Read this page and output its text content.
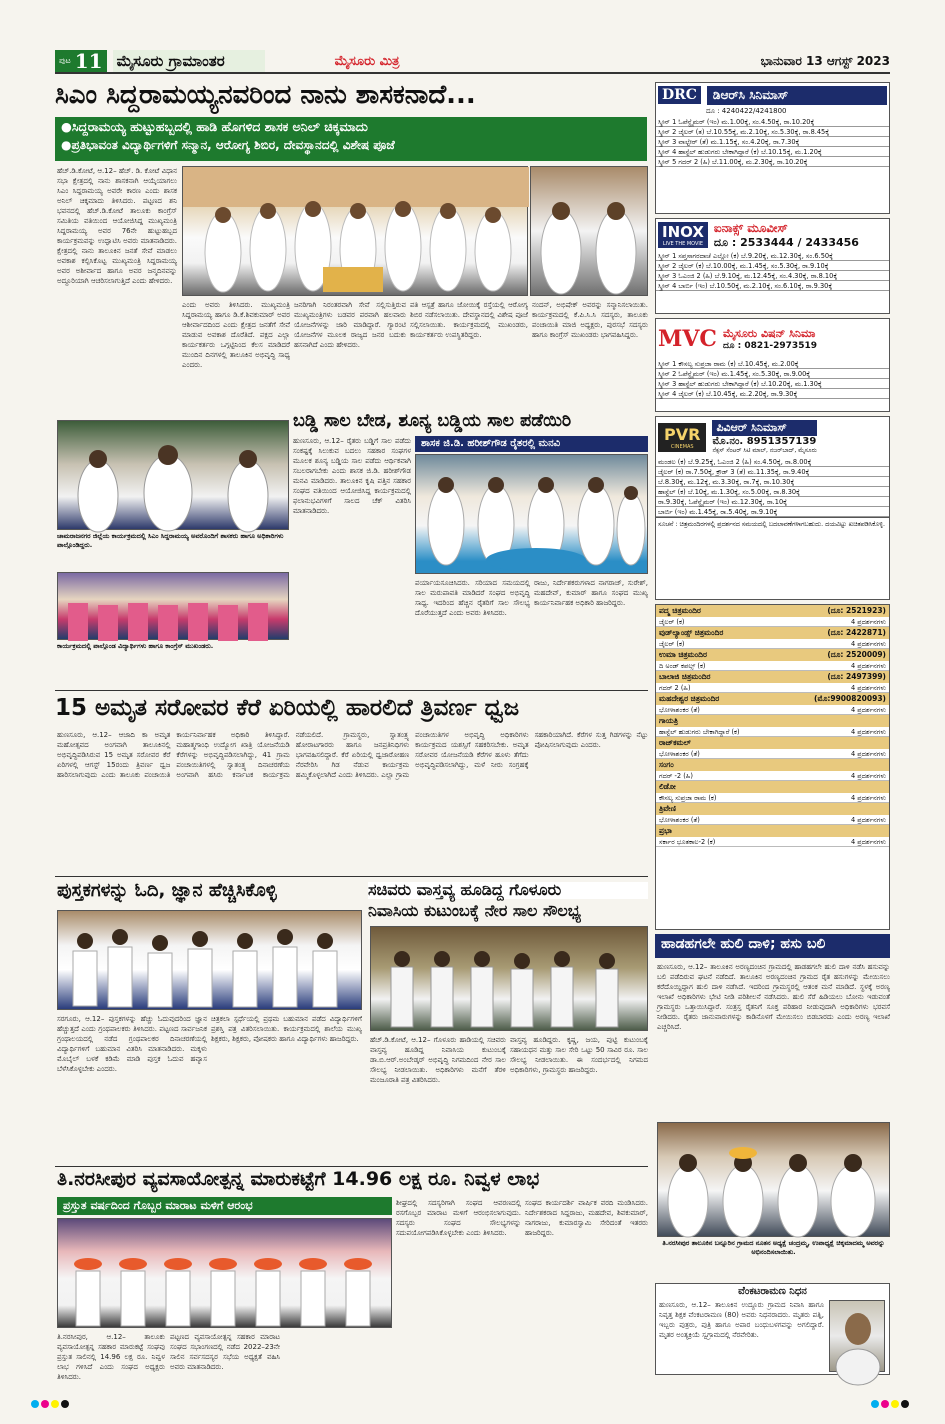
ಪುಟ 11 ಮೈಸೂರು ಗ್ರಾಮಾಂತರ	ಮೈಸೂರು ಮಿತ್ರ	ಭಾನುವಾರ 13 ಆಗಸ್ಟ್ 2023
ಸಿಎಂ ಸಿದ್ದರಾಮಯ್ಯನವರಿಂದ ನಾನು ಶಾಸಕನಾದೆ...
●ಸಿದ್ದರಾಮಯ್ಯ ಹುಟ್ಟುಹಬ್ಬದಲ್ಲಿ ಹಾಡಿ ಹೊಗಳಿದ ಶಾಸಕ ಅನಿಲ್ ಚಿಕ್ಕಮಾದು
●ಪ್ರತಿಭಾವಂತ ವಿದ್ಯಾರ್ಥಿಗಳಿಗೆ ಸನ್ಮಾನ, ಆರೋಗ್ಯ ಶಿಬಿರ, ದೇವಸ್ಥಾನದಲ್ಲಿ ವಿಶೇಷ ಪೂಜೆ
ಹೆಚ್.ಡಿ.ಕೋಟೆ, ಆ.12– ಹೆಚ್. ಡಿ. ಕೋಟೆ ವಿಧಾನ ಸಭಾ ಕ್ಷೇತ್ರದಲ್ಲಿ ನಾನು ಶಾಸಕನಾಗಿ ಆಯ್ಕೆಯಾಗಲು ಸಿಎಂ ಸಿದ್ದರಾಮಯ್ಯ ಅವರೇ ಕಾರಣ ಎಂದು ಶಾಸಕ ಅನಿಲ್ ಚಿಕ್ಕಮಾದು ತಿಳಿಸಿದರು. ಪಟ್ಟಣದ ಶನಿ ಭವನದಲ್ಲಿ ಹೆಚ್.ಡಿ.ಕೋಟೆ ತಾಲೂಕು ಕಾಂಗ್ರೆಸ್ ಸಮಿತಿಯ ವತಿಯಿಂದ ಆಯೋಜಿಸಿದ್ದ ಮುಖ್ಯಮಂತ್ರಿ ಸಿದ್ದರಾಮಯ್ಯ ಅವರ 76ನೇ ಹುಟ್ಟುಹಬ್ಬದ ಕಾರ್ಯಕ್ರಮವನ್ನು ಉದ್ಘಾಟಿಸಿ ಅವರು ಮಾತನಾಡಿದರು. ಕ್ಷೇತ್ರದಲ್ಲಿ ನಾನು ತಾಲೂಕಿನ ಜನತೆ ಸೇವೆ ಮಾಡಲು ಅವಕಾಶ ಕಲ್ಪಿಸಿಕೊಟ್ಟ ಮುಖ್ಯಮಂತ್ರಿ ಸಿದ್ದರಾಮಯ್ಯ ಅವರ ಅಶೀರ್ವಾದ ಹಾಗೂ ಅವರ ಜನ್ಮದಿನವನ್ನು ಅದ್ದೂರಿಯಾಗಿ ಆಚರಿಸಲಾಗುತ್ತಿದೆ ಎಂದು ಹೇಳಿದರು.
ಎಂದು ಅವರು ತಿಳಿಸಿದರು. ಮುಖ್ಯಮಂತ್ರಿ ಸಿದ್ದರಾಮಯ್ಯ ಹಾಗೂ ಡಿ.ಕೆ.ಶಿವಕುಮಾರ್ ಅವರ ಆಶೀರ್ವಾದದಿಂದ ಎಂದು ಕ್ಷೇತ್ರದ ಜನತೆಗೆ ಸೇವೆ ಮಾಡುವ ಅವಕಾಶ ದೊರೆತಿದೆ. ಪಕ್ಷದ ಎಲ್ಲಾ ಕಾರ್ಯಕರ್ತರು ಒಗ್ಗಟ್ಟಿನಿಂದ ಕೆಲಸ ಮಾಡಿದರೆ ಮುಂದಿನ ದಿನಗಳಲ್ಲಿ ತಾಲೂಕಿನ ಅಭಿವೃದ್ಧಿ ಸಾಧ್ಯ ಎಂದರು.
ಜನರಿಗಾಗಿ ನಿರಂತರವಾಗಿ ಸೇವೆ ಸಲ್ಲಿಸುತ್ತಿರುವ ಮುಖ್ಯಮಂತ್ರಿಗಳು ಬಡವರ ಪರವಾಗಿ ಹಲವಾರು ಯೋಜನೆಗಳನ್ನು ಜಾರಿ ಮಾಡಿದ್ದಾರೆ. ಗ್ಯಾರಂಟಿ ಯೋಜನೆಗಳ ಮೂಲಕ ರಾಜ್ಯದ ಜನರ ಬದುಕು ಹಸನಾಗಿದೆ ಎಂದು ಹೇಳಿದರು.
ಪತಿ ಆಸ್ಪತ್ರೆ ಹಾಗೂ ಜೋಯಿಕ್ಕೆ ರಸ್ತೆಯಲ್ಲಿ ಆರೋಗ್ಯ ಶಿಬಿರ ನಡೆಸಲಾಯಿತು. ದೇವಸ್ಥಾನದಲ್ಲಿ ವಿಶೇಷ ಪೂಜೆ ಸಲ್ಲಿಸಲಾಯಿತು. ಕಾರ್ಯಕ್ರಮದಲ್ಲಿ ಮುಖಂಡರು, ಕಾರ್ಯಕರ್ತರು ಉಪಸ್ಥಿತರಿದ್ದರು.
ನಂದನ್, ಅಭಿಷೇಕ್ ಅವರನ್ನು ಸನ್ಮಾನಿಸಲಾಯಿತು. ಕಾರ್ಯಕ್ರಮದಲ್ಲಿ ಕೆ.ಪಿ.ಸಿ.ಸಿ ಸದಸ್ಯರು, ತಾಲೂಕು ಪಂಚಾಯಿತಿ ಮಾಜಿ ಅಧ್ಯಕ್ಷರು, ಪುರಸಭೆ ಸದಸ್ಯರು ಹಾಗೂ ಕಾಂಗ್ರೆಸ್ ಮುಖಂಡರು ಭಾಗವಹಿಸಿದ್ದರು.
ಚಾಮರಾಜನಗರ ಜಿಲ್ಲೆಯ ಕಾರ್ಯಕ್ರಮದಲ್ಲಿ ಸಿಎಂ ಸಿದ್ದರಾಮಯ್ಯ ಅವರೊಂದಿಗೆ ಶಾಸಕರು ಹಾಗೂ ಅಧಿಕಾರಿಗಳು ಪಾಲ್ಗೊಂಡಿದ್ದರು.
ಕಾರ್ಯಕ್ರಮದಲ್ಲಿ ಪಾಲ್ಗೊಂಡ ವಿದ್ಯಾರ್ಥಿಗಳು ಹಾಗೂ ಕಾಂಗ್ರೆಸ್ ಮುಖಂಡರು.
ಬಡ್ಡಿ ಸಾಲ ಬೇಡ, ಶೂನ್ಯ ಬಡ್ಡಿಯ ಸಾಲ ಪಡೆಯಿರಿ
ಹುಣಸೂರು, ಆ.12– ರೈತರು ಬಡ್ಡಿಗೆ ಸಾಲ ಪಡೆದು ಸಂಕಷ್ಟಕ್ಕೆ ಸಿಲುಕುವ ಬದಲು ಸಹಕಾರ ಸಂಘಗಳ ಮೂಲಕ ಶೂನ್ಯ ಬಡ್ಡಿಯ ಸಾಲ ಪಡೆದು ಆರ್ಥಿಕವಾಗಿ ಸಬಲರಾಗಬೇಕು ಎಂದು ಶಾಸಕ ಜಿ.ಡಿ. ಹರೀಶ್‌ಗೌಡ ಮನವಿ ಮಾಡಿದರು. ತಾಲೂಕಿನ ಕೃಷಿ ಪತ್ತಿನ ಸಹಕಾರ ಸಂಘದ ವತಿಯಿಂದ ಆಯೋಜಿಸಿದ್ದ ಕಾರ್ಯಕ್ರಮದಲ್ಲಿ ಫಲಾನುಭವಿಗಳಿಗೆ ಸಾಲದ ಚೆಕ್ ವಿತರಿಸಿ ಮಾತನಾಡಿದರು.
ಶಾಸಕ ಜಿ.ಡಿ. ಹರೀಶ್‌ಗೌಡ ರೈತರಲ್ಲಿ ಮನವಿ
ಪರ್ಯಾಯಸೂಚಿಸಿದರು. ಸರಿಯಾದ ಸಮಯದಲ್ಲಿ ಸಾಲ ಮರುಪಾವತಿ ಮಾಡಿದರೆ ಸಂಘದ ಅಭಿವೃದ್ಧಿ ಸಾಧ್ಯ. ಇದರಿಂದ ಹೆಚ್ಚಿನ ರೈತರಿಗೆ ಸಾಲ ಸೌಲಭ್ಯ ದೊರೆಯುತ್ತದೆ ಎಂದು ಅವರು ತಿಳಿಸಿದರು.
ರಾಜು, ನಿರ್ದೇಶಕರುಗಳಾದ ನಾಗರಾಜ್, ಸುರೇಶ್, ಮಹದೇವ್, ಕುಮಾರ್ ಹಾಗೂ ಸಂಘದ ಮುಖ್ಯ ಕಾರ್ಯನಿರ್ವಾಹಕ ಅಧಿಕಾರಿ ಹಾಜರಿದ್ದರು.
15 ಅಮೃತ ಸರೋವರ ಕೆರೆ ಏರಿಯಲ್ಲಿ ಹಾರಲಿದೆ ತ್ರಿವರ್ಣ ಧ್ವಜ
ಹುಣಸೂರು, ಆ.12– ಆಜಾದಿ ಕಾ ಅಮೃತ ಮಹೋತ್ಸವದ ಅಂಗವಾಗಿ ತಾಲೂಕಿನಲ್ಲಿ ಅಭಿವೃದ್ಧಿಪಡಿಸಿರುವ 15 ಅಮೃತ ಸರೋವರ ಕೆರೆ ಏರಿಗಳಲ್ಲಿ ಆಗಸ್ಟ್ 15ರಂದು ತ್ರಿವರ್ಣ ಧ್ವಜ ಹಾರಿಸಲಾಗುವುದು ಎಂದು ತಾಲೂಕು ಪಂಚಾಯಿತಿ ಕಾರ್ಯನಿರ್ವಾಹಕ ಅಧಿಕಾರಿ ತಿಳಿಸಿದ್ದಾರೆ. ಮಹಾತ್ಮಗಾಂಧಿ ಉದ್ಯೋಗ ಖಾತ್ರಿ ಯೋಜನೆಯಡಿ ಕೆರೆಗಳನ್ನು ಅಭಿವೃದ್ಧಿಪಡಿಸಲಾಗಿದ್ದು, 41 ಗ್ರಾಮ ಪಂಚಾಯಿತಿಗಳಲ್ಲಿ ಸ್ವಾತಂತ್ರ್ಯ ದಿನಾಚರಣೆಯ ಅಂಗವಾಗಿ ಹಸಿರು ಕರ್ನಾಟಕ ಕಾರ್ಯಕ್ರಮ ನಡೆಯಲಿದೆ. ಗ್ರಾಮಸ್ಥರು, ಸ್ವಾತಂತ್ರ್ಯ ಹೋರಾಟಗಾರರು ಹಾಗೂ ಜನಪ್ರತಿನಿಧಿಗಳು ಭಾಗವಹಿಸಲಿದ್ದಾರೆ. ಕೆರೆ ಏರಿಯಲ್ಲಿ ಧ್ವಜಾರೋಹಣ ನೆರವೇರಿಸಿ ಗಿಡ ನೆಡುವ ಕಾರ್ಯಕ್ರಮ ಹಮ್ಮಿಕೊಳ್ಳಲಾಗಿದೆ ಎಂದು ತಿಳಿಸಿದರು. ಎಲ್ಲಾ ಗ್ರಾಮ ಪಂಚಾಯಿತಿಗಳ ಅಭಿವೃದ್ಧಿ ಅಧಿಕಾರಿಗಳು ಕಾರ್ಯಕ್ರಮದ ಯಶಸ್ಸಿಗೆ ಸಹಕರಿಸಬೇಕು. ಅಮೃತ ಸರೋವರ ಯೋಜನೆಯಡಿ ಕೆರೆಗಳ ಹೂಳು ತೆಗೆದು ಅಭಿವೃದ್ಧಿಪಡಿಸಲಾಗಿದ್ದು, ಮಳೆ ನೀರು ಸಂಗ್ರಹಕ್ಕೆ ಸಹಕಾರಿಯಾಗಿದೆ. ಕೆರೆಗಳ ಸುತ್ತ ಗಿಡಗಳನ್ನು ನೆಟ್ಟು ಪೋಷಿಸಲಾಗುವುದು ಎಂದರು.
ಪುಸ್ತಕಗಳನ್ನು ಓದಿ, ಜ್ಞಾನ ಹೆಚ್ಚಿಸಿಕೊಳ್ಳಿ
ಸರಗೂರು, ಆ.12– ಪುಸ್ತಕಗಳನ್ನು ಹೆಚ್ಚು ಓದುವುದರಿಂದ ಜ್ಞಾನ ಹೆಚ್ಚುತ್ತದೆ ಎಂದು ಗ್ರಂಥಪಾಲಕರು ತಿಳಿಸಿದರು. ಪಟ್ಟಣದ ಸಾರ್ವಜನಿಕ ಗ್ರಂಥಾಲಯದಲ್ಲಿ ನಡೆದ ಗ್ರಂಥಪಾಲಕರ ದಿನಾಚರಣೆಯಲ್ಲಿ ವಿದ್ಯಾರ್ಥಿಗಳಿಗೆ ಬಹುಮಾನ ವಿತರಿಸಿ ಮಾತನಾಡಿದರು. ಮಕ್ಕಳು ಮೊಬೈಲ್ ಬಳಕೆ ಕಡಿಮೆ ಮಾಡಿ ಪುಸ್ತಕ ಓದುವ ಹವ್ಯಾಸ ಬೆಳೆಸಿಕೊಳ್ಳಬೇಕು ಎಂದರು.
ಚಿತ್ರಕಲಾ ಸ್ಪರ್ಧೆಯಲ್ಲಿ ಪ್ರಥಮ ಬಹುಮಾನ ಪಡೆದ ವಿದ್ಯಾರ್ಥಿಗಳಿಗೆ ಪ್ರಶಸ್ತಿ ಪತ್ರ ವಿತರಿಸಲಾಯಿತು. ಕಾರ್ಯಕ್ರಮದಲ್ಲಿ ಶಾಲೆಯ ಮುಖ್ಯ ಶಿಕ್ಷಕರು, ಶಿಕ್ಷಕರು, ಪೋಷಕರು ಹಾಗೂ ವಿದ್ಯಾರ್ಥಿಗಳು ಹಾಜರಿದ್ದರು.
ಸಚಿವರು ವಾಸ್ತವ್ಯ ಹೂಡಿದ್ದ ಗೊಳೂರು
ನಿವಾಸಿಯ ಕುಟುಂಬಕ್ಕೆ ನೇರ ಸಾಲ ಸೌಲಭ್ಯ
ಹೆಚ್.ಡಿ.ಕೋಟೆ, ಆ.12– ಗೊಳೂರು ಹಾಡಿಯಲ್ಲಿ ಸಚಿವರು ವಾಸ್ತವ್ಯ ಹೂಡಿದ್ದ ನಿವಾಸಿಯ ಕುಟುಂಬಕ್ಕೆ ಡಾ.ಬಿ.ಆರ್.ಅಂಬೇಡ್ಕರ್ ಅಭಿವೃದ್ಧಿ ನಿಗಮದಿಂದ ನೇರ ಸಾಲ ಸೌಲಭ್ಯ ನೀಡಲಾಯಿತು. ಅಧಿಕಾರಿಗಳು ಮನೆಗೆ ತೆರಳಿ ಮಂಜೂರಾತಿ ಪತ್ರ ವಿತರಿಸಿದರು.
ವಾಸ್ತವ್ಯ ಹೂಡಿದ್ದರು. ಕೃಷ್ಣ, ಜಯ, ಪುಟ್ಟಿ ಕುಟುಂಬಕ್ಕೆ ಸಹಾಯಧನ ಮತ್ತು ಸಾಲ ಸೇರಿ ಒಟ್ಟು 50 ಸಾವಿರ ರೂ. ಸಾಲ ಸೌಲಭ್ಯ ನೀಡಲಾಯಿತು. ಈ ಸಂದರ್ಭದಲ್ಲಿ ನಿಗಮದ ಅಧಿಕಾರಿಗಳು, ಗ್ರಾಮಸ್ಥರು ಹಾಜರಿದ್ದರು.
ತಿ.ನರಸೀಪುರ ವ್ಯವಸಾಯೋತ್ಪನ್ನ ಮಾರುಕಟ್ಟೆಗೆ 14.96 ಲಕ್ಷ ರೂ. ನಿವ್ವಳ ಲಾಭ
ಪ್ರಸ್ತುತ ವರ್ಷದಿಂದ ಗೊಬ್ಬರ ಮಾರಾಟ ಮಳಿಗೆ ಆರಂಭ
ತಿ.ನರಸೀಪುರ, ಆ.12– ತಾಲೂಕು ವ್ಯವಸಾಯೋತ್ಪನ್ನ ಸಹಕಾರ ಮಾರುಕಟ್ಟೆ ಸಂಘವು ಪ್ರಸ್ತುತ ಸಾಲಿನಲ್ಲಿ 14.96 ಲಕ್ಷ ರೂ. ನಿವ್ವಳ ಲಾಭ ಗಳಿಸಿದೆ ಎಂದು ಸಂಘದ ಅಧ್ಯಕ್ಷರು ತಿಳಿಸಿದರು.
ಪಟ್ಟಣದ ವ್ಯವಸಾಯೋತ್ಪನ್ನ ಸಹಕಾರ ಮಾರಾಟ ಸಂಘದ ಸಭಾಂಗಣದಲ್ಲಿ ನಡೆದ 2022–23ನೇ ಸಾಲಿನ ಸರ್ವಸದಸ್ಯರ ಸಭೆಯ ಅಧ್ಯಕ್ಷತೆ ವಹಿಸಿ ಅವರು ಮಾತನಾಡಿದರು.
ಶೀಘ್ರದಲ್ಲಿ ಸದಸ್ಯರಿಗಾಗಿ ಸಂಘದ ಆವರಣದಲ್ಲಿ ರಸಗೊಬ್ಬರ ಮಾರಾಟ ಮಳಿಗೆ ಆರಂಭಿಸಲಾಗುವುದು. ಸದಸ್ಯರು ಸಂಘದ ಸೌಲಭ್ಯಗಳನ್ನು ಸದುಪಯೋಗಪಡಿಸಿಕೊಳ್ಳಬೇಕು ಎಂದು ತಿಳಿಸಿದರು.
ಸಂಘದ ಕಾರ್ಯದರ್ಶಿ ವಾರ್ಷಿಕ ವರದಿ ಮಂಡಿಸಿದರು. ನಿರ್ದೇಶಕರಾದ ಸಿದ್ದರಾಜು, ಮಹದೇವ, ಶಿವಕುಮಾರ್, ನಾಗರಾಜು, ಕುಮಾರಸ್ವಾಮಿ ಸೇರಿದಂತೆ ಇತರರು ಹಾಜರಿದ್ದರು.
DRC	ಡಿಆರ್‌ಸಿ ಸಿನಿಮಾಸ್
ದೂ : 4240422/4241800
ಸ್ಕ್ರೀನ್ 1 ಓಪೆನ್ಹೈಮರ್ (ಇಂ) ಮ.1.00ಕ್ಕೆ, ಸಂ.4.50ಕ್ಕೆ, ರಾ.10.20ಕ್ಕೆ
ಸ್ಕ್ರೀನ್ 2 ಜೈಲರ್ (ತ) ಬೆ.10.55ಕ್ಕೆ, ಮ.2.10ಕ್ಕೆ, ಸಂ.5.30ಕ್ಕೆ, ರಾ.8.45ಕ್ಕೆ
ಸ್ಕ್ರೀನ್ 3 ವಾಲ್ಟೇರ್ (ತೆ) ಮ.1.15ಕ್ಕೆ, ಸಂ.4.20ಕ್ಕೆ, ರಾ.7.30ಕ್ಕೆ
ಸ್ಕ್ರೀನ್ 4 ಹಾಸ್ಟೆಲ್ ಹುಡುಗರು ಬೇಕಾಗಿದ್ದಾರೆ (ಕ) ಬೆ.10.15ಕ್ಕೆ, ಮ.1.20ಕ್ಕೆ
ಸ್ಕ್ರೀನ್ 5 ಗದರ್ 2 (ಹಿ) ಬೆ.11.00ಕ್ಕೆ, ಮ.2.30ಕ್ಕೆ, ರಾ.10.20ಕ್ಕೆ
INOX
LIVE THE MOVIE
ಐನಾಕ್ಸ್ ಮೂವೀಸ್
ದೂ : 2533444 / 2433456
ಸ್ಕ್ರೀನ್ 1 ಸಪ್ತಸಾಗರದಾಚೆ ಎಲ್ಲೋ (ಕ) ಬೆ.9.20ಕ್ಕೆ, ಮ.12.30ಕ್ಕೆ, ಸಂ.6.50ಕ್ಕೆ
ಸ್ಕ್ರೀನ್ 2 ಜೈಲರ್ (ಕ) ಬೆ.10.00ಕ್ಕೆ, ಮ.1.45ಕ್ಕೆ, ಸಂ.5.30ಕ್ಕೆ, ರಾ.9.10ಕ್ಕೆ
ಸ್ಕ್ರೀನ್ 3 ಓಎಂಜಿ 2 (ಹಿ) ಬೆ.9.10ಕ್ಕೆ, ಮ.12.45ಕ್ಕೆ, ಸಂ.4.30ಕ್ಕೆ, ರಾ.8.10ಕ್ಕೆ
ಸ್ಕ್ರೀನ್ 4 ಬಾರ್ಬಿ (ಇಂ) ಬೆ.10.50ಕ್ಕೆ, ಮ.2.10ಕ್ಕೆ, ಸಂ.6.10ಕ್ಕೆ, ರಾ.9.30ಕ್ಕೆ
MVC ಮೈಸೂರು ವಿಷನ್ ಸಿನಿಮಾ
ದೂ : 0821-2973519
ಸ್ಕ್ರೀನ್ 1 ಕೌಸಲ್ಯ ಸುಪ್ರಜಾ ರಾಮ (ಕ) ಬೆ.10.45ಕ್ಕೆ, ಮ.2.00ಕ್ಕೆ
ಸ್ಕ್ರೀನ್ 2 ಓಪೆನ್ಹೈಮರ್ (ಇಂ) ಮ.1.45ಕ್ಕೆ, ಸಂ.5.30ಕ್ಕೆ, ರಾ.9.00ಕ್ಕೆ
ಸ್ಕ್ರೀನ್ 3 ಹಾಸ್ಟೆಲ್ ಹುಡುಗರು ಬೇಕಾಗಿದ್ದಾರೆ (ಕ) ಬೆ.10.20ಕ್ಕೆ, ಮ.1.30ಕ್ಕೆ
ಸ್ಕ್ರೀನ್ 4 ಜೈಲರ್ (ಕ) ಬೆ.10.45ಕ್ಕೆ, ಮ.2.20ಕ್ಕೆ, ರಾ.9.30ಕ್ಕೆ
PVR
CINEMAS
ಪಿವಿಆರ್ ಸಿನಿಮಾಸ್
ಮೊ.ನಂ. 8951357139
ನೆಕ್ಸಸ್ ಸೆಂಟರ್ ಸಿಟಿ ಮಾಲ್, ನಜರ್‌ಬಾದ್, ಮೈಸೂರು
ಮಂಡಲ (ಕ) ಬೆ.9.25ಕ್ಕೆ, ಓಎಂಜಿ 2 (ಹಿ) ಸಂ.4.50ಕ್ಕೆ, ರಾ.8.00ಕ್ಕೆ
ಜೈಲರ್ (ಕ) ರಾ.7.50ಕ್ಕೆ, ಕ್ರೌಡ್ 3 (ತೆ) ಮ.11.35ಕ್ಕೆ, ರಾ.9.40ಕ್ಕೆ
ಬೆ.8.30ಕ್ಕೆ, ಮ.12ಕ್ಕೆ, ಮ.3.30ಕ್ಕೆ, ರಾ.7ಕ್ಕೆ, ರಾ.10.30ಕ್ಕೆ
ಹಾಸ್ಟೆಲ್ (ಕ) ಬೆ.10ಕ್ಕೆ, ಮ.1.30ಕ್ಕೆ, ಸಂ.5.00ಕ್ಕೆ, ರಾ.8.30ಕ್ಕೆ
ರಾ.9.30ಕ್ಕೆ, ಓಪೆನ್ಹೈಮರ್ (ಇಂ) ಮ.12.30ಕ್ಕೆ, ರಾ.10ಕ್ಕೆ
ಬಾರ್ಬಿ (ಇಂ) ಮ.1.45ಕ್ಕೆ, ರಾ.5.40ಕ್ಕೆ, ರಾ.9.10ಕ್ಕೆ
ಸೂಚನೆ : ಚಿತ್ರಮಂದಿರಗಳಲ್ಲಿ ಪ್ರದರ್ಶನದ ಸಮಯದಲ್ಲಿ ಬದಲಾವಣೆಗಳಾಗಬಹುದು. ದಯವಿಟ್ಟು ಖಚಿತಪಡಿಸಿಕೊಳ್ಳಿ.
ಪದ್ಮ ಚಿತ್ರಮಂದಿರ	(ದೂ: 2521923)
ಜೈಲರ್ (ಕ)	4 ಪ್ರದರ್ಶನಗಳು
ವುಡ್‌ಲ್ಯಾಂಡ್ಸ್ ಚಿತ್ರಮಂದಿರ	(ದೂ: 2422871)
ಜೈಲರ್ (ಕ)	4 ಪ್ರದರ್ಶನಗಳು
ಉಮಾ ಚಿತ್ರಮಂದಿರ	(ದೂ: 2520009)
ದಿ ಅಂಡ್ ಕಪಲ್ಸ್ (ಕ)	4 ಪ್ರದರ್ಶನಗಳು
ಬಾಲಾಜಿ ಚಿತ್ರಮಂದಿರ	(ದೂ: 2497399)
ಗದರ್ 2 (ಹಿ)	4 ಪ್ರದರ್ಶನಗಳು
ಮಹದೇಶ್ವರ ಚಿತ್ರಮಂದಿರ	(ಮೊ:9900820093)
ಭೋಳಾಶಂಕರ (ತೆ)	4 ಪ್ರದರ್ಶನಗಳು
ಗಾಯತ್ರಿ
ಹಾಸ್ಟೆಲ್ ಹುಡುಗರು ಬೇಕಾಗಿದ್ದಾರೆ (ಕ)	4 ಪ್ರದರ್ಶನಗಳು
ರಾಜ್‌ಕಮಲ್
ಭೋಳಾಶಂಕರ (ತೆ)	4 ಪ್ರದರ್ಶನಗಳು
ಸಂಗಂ
ಗದರ್ -2 (ಹಿ)	4 ಪ್ರದರ್ಶನಗಳು
ಲಿಡೋ
ಕೌಸಲ್ಯ ಸುಪ್ರಜಾ ರಾಮ (ಕ)	4 ಪ್ರದರ್ಶನಗಳು
ತ್ರಿವೇಣಿ
ಭೋಳಾಶಂಕರ (ತೆ)	4 ಪ್ರದರ್ಶನಗಳು
ಪ್ರಭಾ
ಸರ್ಕಾರ ಭೂತಕಾಲ-2 (ಕ)	4 ಪ್ರದರ್ಶನಗಳು
ಹಾಡಹಗಲೇ ಹುಲಿ ದಾಳಿ; ಹಸು ಬಲಿ
ಹುಣಸೂರು, ಆ.12– ತಾಲೂಕಿನ ಅರಣ್ಯದಂಚಿನ ಗ್ರಾಮದಲ್ಲಿ ಹಾಡಹಗಲೇ ಹುಲಿ ದಾಳಿ ನಡೆಸಿ ಹಸುವನ್ನು ಬಲಿ ಪಡೆದಿರುವ ಘಟನೆ ನಡೆದಿದೆ. ತಾಲೂಕಿನ ಅರಣ್ಯದಂಚಿನ ಗ್ರಾಮದ ರೈತ ಹಸುಗಳನ್ನು ಮೇಯಿಸಲು ಕರೆದೊಯ್ದಿದ್ದಾಗ ಹುಲಿ ದಾಳಿ ನಡೆಸಿದೆ. ಇದರಿಂದ ಗ್ರಾಮಸ್ಥರಲ್ಲಿ ಆತಂಕ ಮನೆ ಮಾಡಿದೆ. ಸ್ಥಳಕ್ಕೆ ಅರಣ್ಯ ಇಲಾಖೆ ಅಧಿಕಾರಿಗಳು ಭೇಟಿ ನೀಡಿ ಪರಿಶೀಲನೆ ನಡೆಸಿದರು. ಹುಲಿ ಸೆರೆ ಹಿಡಿಯಲು ಬೋನು ಇಡುವಂತೆ ಗ್ರಾಮಸ್ಥರು ಒತ್ತಾಯಿಸಿದ್ದಾರೆ. ಸಂತ್ರಸ್ತ ರೈತನಿಗೆ ಸೂಕ್ತ ಪರಿಹಾರ ನೀಡುವುದಾಗಿ ಅಧಿಕಾರಿಗಳು ಭರವಸೆ ನೀಡಿದರು. ರೈತರು ಜಾನುವಾರುಗಳನ್ನು ಕಾಡಿನೊಳಗೆ ಮೇಯಿಸಲು ಬಿಡಬಾರದು ಎಂದು ಅರಣ್ಯ ಇಲಾಖೆ ಎಚ್ಚರಿಸಿದೆ.
ತಿ.ನರಸೀಪುರ ತಾಲೂಕಿನ ಬನ್ನೂರಿನ ಗ್ರಾಮದ ನೂತನ ಅಧ್ಯಕ್ಷೆ ಚಂದ್ರಮ್ಮ, ಉಪಾಧ್ಯಕ್ಷೆ ಚಿಕ್ಕಮಾದಮ್ಮ ಅವರನ್ನು ಅಭಿನಂದಿಸಲಾಯಿತು.
ವೆಂಕಟರಾಮಣ ನಿಧನ
ಹುಣಸೂರು, ಆ.12– ತಾಲೂಕಿನ ಉದ್ದೂರು ಗ್ರಾಮದ ನಿವಾಸಿ ಹಾಗೂ ನಿವೃತ್ತ ಶಿಕ್ಷಕ ವೆಂಕಟರಾಮಣ (80) ಅವರು ನಿಧನರಾದರು. ಮೃತರು ಪತ್ನಿ, ಇಬ್ಬರು ಪುತ್ರರು, ಪುತ್ರಿ ಹಾಗೂ ಅಪಾರ ಬಂಧುಬಳಗವನ್ನು ಅಗಲಿದ್ದಾರೆ. ಮೃತರ ಅಂತ್ಯಕ್ರಿಯೆ ಸ್ವಗ್ರಾಮದಲ್ಲಿ ನೆರವೇರಿತು.
